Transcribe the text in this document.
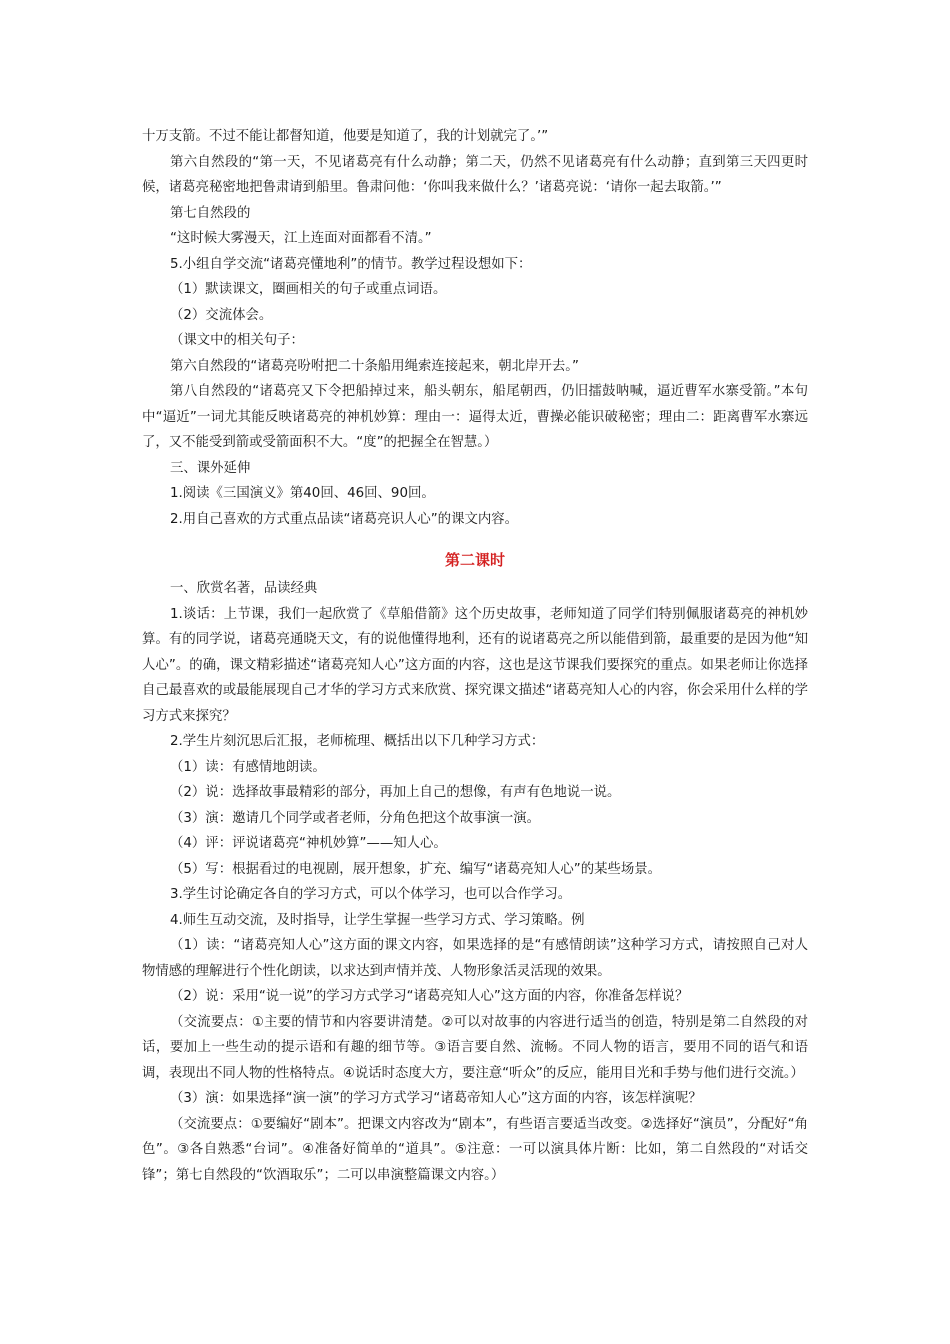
十万支箭。不过不能让都督知道，他要是知道了，我的计划就完了。’”

第六自然段的“第一天，不见诸葛亮有什么动静；第二天，仍然不见诸葛亮有什么动静；直到第三天四更时候，诸葛亮秘密地把鲁肃请到船里。鲁肃问他：‘你叫我来做什么？’诸葛亮说：‘请你一起去取箭。’”

第七自然段的

“这时候大雾漫天，江上连面对面都看不清。”

5.小组自学交流“诸葛亮懂地利”的情节。教学过程设想如下：

（1）默读课文，圈画相关的句子或重点词语。

（2）交流体会。

（课文中的相关句子：

第六自然段的“诸葛亮吩咐把二十条船用绳索连接起来，朝北岸开去。”

第八自然段的“诸葛亮又下令把船掉过来，船头朝东，船尾朝西，仍旧擂鼓呐喊，逼近曹军水寨受箭。”本句中“逼近”一词尤其能反映诸葛亮的神机妙算：理由一：逼得太近，曹操必能识破秘密；理由二：距离曹军水寨远了，又不能受到箭或受箭面积不大。“度”的把握全在智慧。）

三、课外延伸

1.阅读《三国演义》第40回、46回、90回。

2.用自己喜欢的方式重点品读“诸葛亮识人心”的课文内容。

第二课时

一、欣赏名著，品读经典

1.谈话：上节课，我们一起欣赏了《草船借箭》这个历史故事，老师知道了同学们特别佩服诸葛亮的神机妙算。有的同学说，诸葛亮通晓天文，有的说他懂得地利，还有的说诸葛亮之所以能借到箭，最重要的是因为他“知人心”。的确，课文精彩描述“诸葛亮知人心”这方面的内容，这也是这节课我们要探究的重点。如果老师让你选择自己最喜欢的或最能展现自己才华的学习方式来欣赏、探究课文描述“诸葛亮知人心的内容，你会采用什么样的学习方式来探究？

2.学生片刻沉思后汇报，老师梳理、概括出以下几种学习方式：

（1）读：有感情地朗读。

（2）说：选择故事最精彩的部分，再加上自己的想像，有声有色地说一说。

（3）演：邀请几个同学或者老师，分角色把这个故事演一演。

（4）评：评说诸葛亮“神机妙算”——知人心。

（5）写：根据看过的电视剧，展开想象，扩充、编写“诸葛亮知人心”的某些场景。

3.学生讨论确定各自的学习方式，可以个体学习，也可以合作学习。

4.师生互动交流，及时指导，让学生掌握一些学习方式、学习策略。例

（1）读：“诸葛亮知人心”这方面的课文内容，如果选择的是“有感情朗读”这种学习方式，请按照自己对人物情感的理解进行个性化朗读，以求达到声情并茂、人物形象活灵活现的效果。

（2）说：采用“说一说”的学习方式学习“诸葛亮知人心”这方面的内容，你准备怎样说？

（交流要点：①主要的情节和内容要讲清楚。②可以对故事的内容进行适当的创造，特别是第二自然段的对话，要加上一些生动的提示语和有趣的细节等。③语言要自然、流畅。不同人物的语言，要用不同的语气和语调，表现出不同人物的性格特点。④说话时态度大方，要注意“听众”的反应，能用目光和手势与他们进行交流。）

（3）演：如果选择“演一演”的学习方式学习“诸葛帝知人心”这方面的内容，该怎样演呢？

（交流要点：①要编好“剧本”。把课文内容改为“剧本”，有些语言要适当改变。②选择好“演员”，分配好“角色”。③各自熟悉“台词”。④准备好简单的“道具”。⑤注意：一可以演具体片断：比如，第二自然段的“对话交锋”；第七自然段的“饮酒取乐”；二可以串演整篇课文内容。）
